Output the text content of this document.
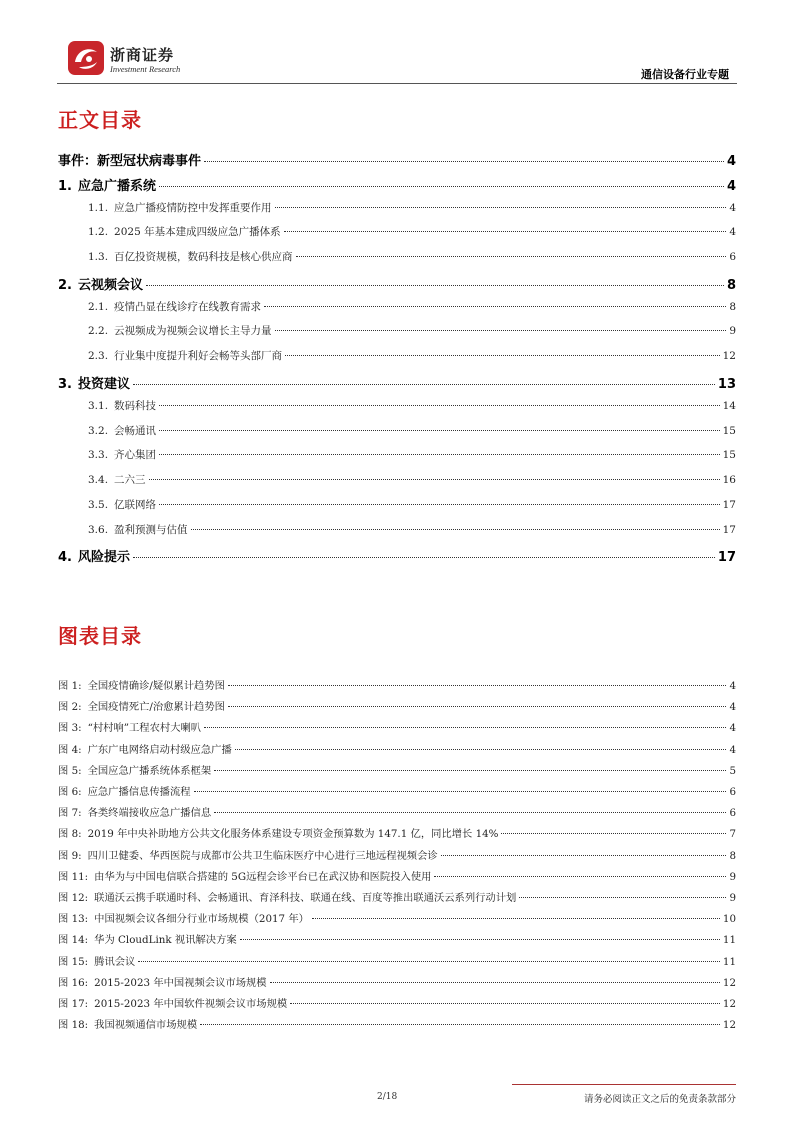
浙商证券
Investment Research	通信设备行业专题
正文目录
事件：新型冠状病毒事件	4
1. 应急广播系统	4
1.1. 应急广播疫情防控中发挥重要作用	4
1.2. 2025 年基本建成四级应急广播体系	4
1.3. 百亿投资规模，数码科技是核心供应商	6
2. 云视频会议	8
2.1. 疫情凸显在线诊疗在线教育需求	8
2.2. 云视频成为视频会议增长主导力量	9
2.3. 行业集中度提升利好会畅等头部厂商	12
3. 投资建议	13
3.1. 数码科技	14
3.2. 会畅通讯	15
3.3. 齐心集团	15
3.4. 二六三	16
3.5. 亿联网络	17
3.6. 盈利预测与估值	17
4. 风险提示	17
图表目录
图 1: 全国疫情确诊/疑似累计趋势图	4
图 2: 全国疫情死亡/治愈累计趋势图	4
图 3: “村村响”工程农村大喇叭	4
图 4: 广东广电网络启动村级应急广播	4
图 5: 全国应急广播系统体系框架	5
图 6: 应急广播信息传播流程	6
图 7: 各类终端接收应急广播信息	6
图 8: 2019 年中央补助地方公共文化服务体系建设专项资金预算数为 147.1 亿，同比增长 14%	7
图 9: 四川卫健委、华西医院与成都市公共卫生临床医疗中心进行三地远程视频会诊	8
图 11: 由华为与中国电信联合搭建的 5G远程会诊平台已在武汉协和医院投入使用	9
图 12: 联通沃云携手联通时科、会畅通讯、育泽科技、联通在线、百度等推出联通沃云系列行动计划	9
图 13: 中国视频会议各细分行业市场规模（2017 年）	10
图 14: 华为 CloudLink 视讯解决方案	11
图 15: 腾讯会议	11
图 16: 2015-2023 年中国视频会议市场规模	12
图 17: 2015-2023 年中国软件视频会议市场规模	12
图 18: 我国视频通信市场规模	12
2/18	请务必阅读正文之后的免责条款部分
